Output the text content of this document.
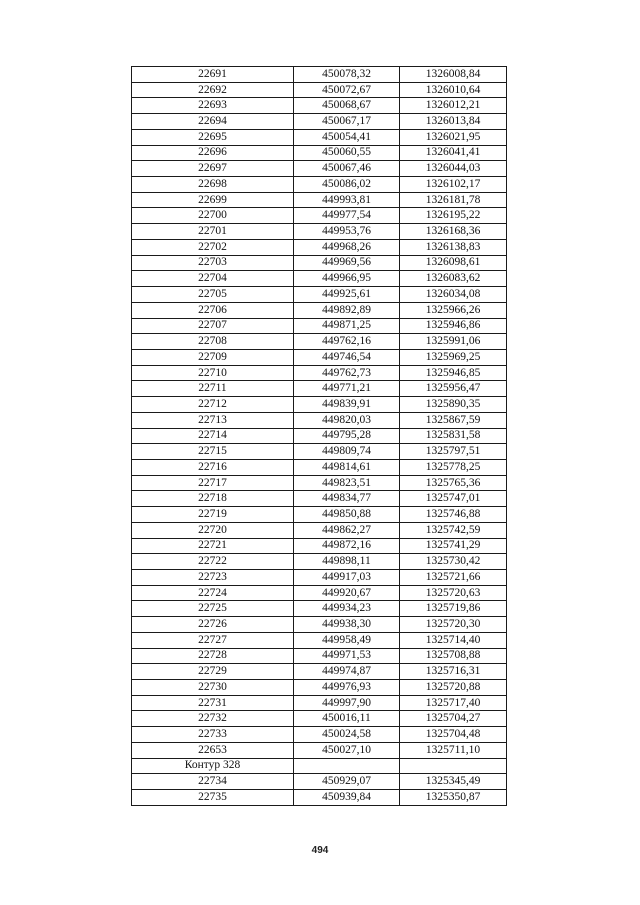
22691	450078,32	1326008,84
22692	450072,67	1326010,64
22693	450068,67	1326012,21
22694	450067,17	1326013,84
22695	450054,41	1326021,95
22696	450060,55	1326041,41
22697	450067,46	1326044,03
22698	450086,02	1326102,17
22699	449993,81	1326181,78
22700	449977,54	1326195,22
22701	449953,76	1326168,36
22702	449968,26	1326138,83
22703	449969,56	1326098,61
22704	449966,95	1326083,62
22705	449925,61	1326034,08
22706	449892,89	1325966,26
22707	449871,25	1325946,86
22708	449762,16	1325991,06
22709	449746,54	1325969,25
22710	449762,73	1325946,85
22711	449771,21	1325956,47
22712	449839,91	1325890,35
22713	449820,03	1325867,59
22714	449795,28	1325831,58
22715	449809,74	1325797,51
22716	449814,61	1325778,25
22717	449823,51	1325765,36
22718	449834,77	1325747,01
22719	449850,88	1325746,88
22720	449862,27	1325742,59
22721	449872,16	1325741,29
22722	449898,11	1325730,42
22723	449917,03	1325721,66
22724	449920,67	1325720,63
22725	449934,23	1325719,86
22726	449938,30	1325720,30
22727	449958,49	1325714,40
22728	449971,53	1325708,88
22729	449974,87	1325716,31
22730	449976,93	1325720,88
22731	449997,90	1325717,40
22732	450016,11	1325704,27
22733	450024,58	1325704,48
22653	450027,10	1325711,10
Контур 328		
22734	450929,07	1325345,49
22735	450939,84	1325350,87
494
